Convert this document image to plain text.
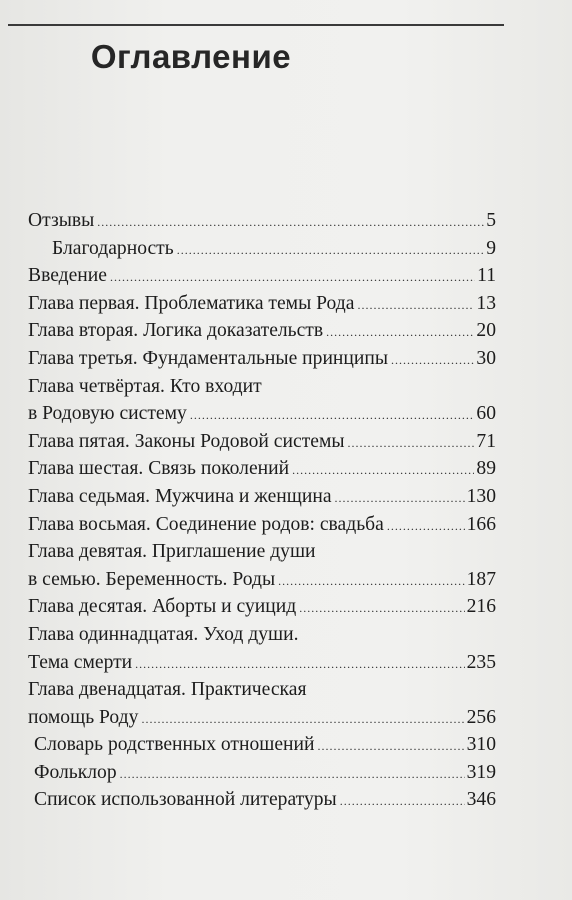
Оглавление
Отзывы .....	5
Благодарность .....	9
Введение .....	11
Глава первая. Проблематика темы Рода .....	13
Глава вторая. Логика доказательств .....	20
Глава третья. Фундаментальные принципы .....	30
Глава четвёртая. Кто входит
в Родовую систему .....	60
Глава пятая. Законы Родовой системы .....	71
Глава шестая. Связь поколений .....	89
Глава седьмая. Мужчина и женщина .....	130
Глава восьмая. Соединение родов: свадьба .....	166
Глава девятая. Приглашение души
в семью. Беременность. Роды .....	187
Глава десятая. Аборты и суицид .....	216
Глава одиннадцатая. Уход души.
Тема смерти .....	235
Глава двенадцатая. Практическая
помощь Роду .....	256
Словарь родственных отношений .....	310
Фольклор .....	319
Список использованной литературы .....	346
